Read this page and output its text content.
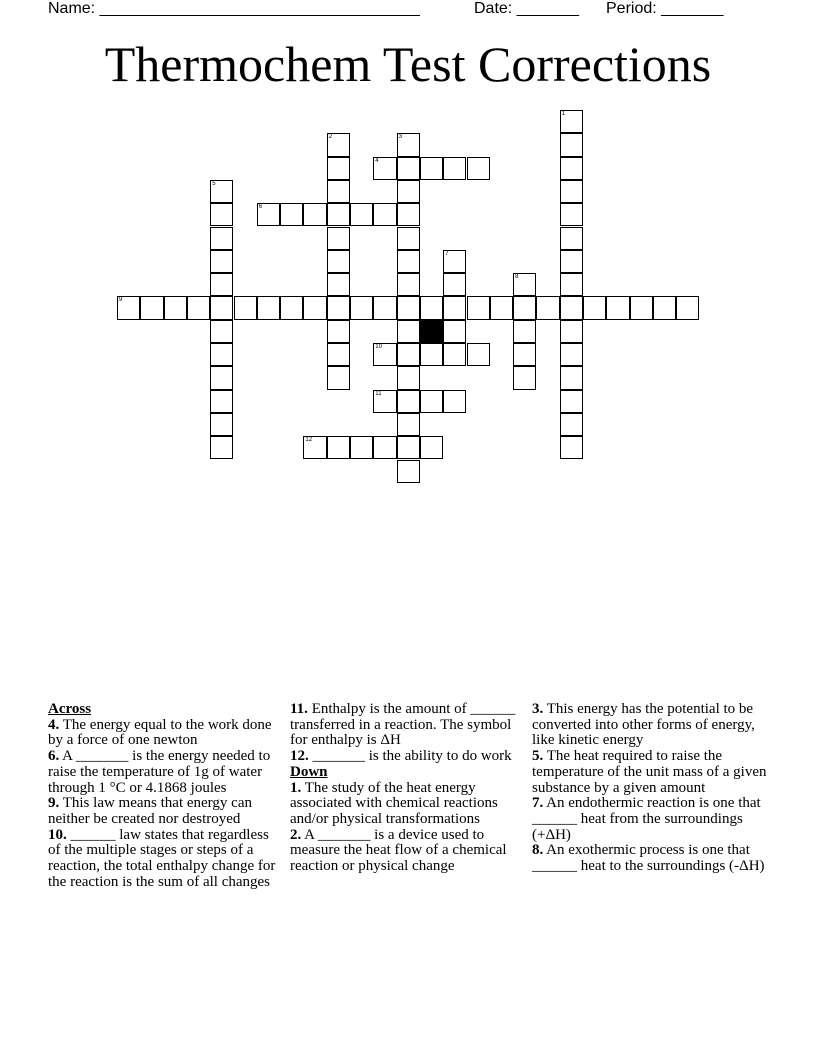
Name: ____________________________________	Date: _______ Period: _______
Thermochem Test Corrections
1
2	3
4
5
6
7
8
9
10
11
12
Across
4. The energy equal to the work done by a force of one newton
6. A _______ is the energy needed to raise the temperature of 1g of water through 1 °C or 4.1868 joules
9. This law means that energy can neither be created nor destroyed
10. ______ law states that regardless of the multiple stages or steps of a reaction, the total enthalpy change for the reaction is the sum of all changes
11. Enthalpy is the amount of ______ transferred in a reaction. The symbol for enthalpy is ΔH
12. _______ is the ability to do work
Down
1. The study of the heat energy associated with chemical reactions and/or physical transformations
2. A _______ is a device used to measure the heat flow of a chemical reaction or physical change
3. This energy has the potential to be converted into other forms of energy, like kinetic energy
5. The heat required to raise the temperature of the unit mass of a given substance by a given amount
7. An endothermic reaction is one that ______ heat from the surroundings (+ΔH)
8. An exothermic process is one that ______ heat to the surroundings (-ΔH)
